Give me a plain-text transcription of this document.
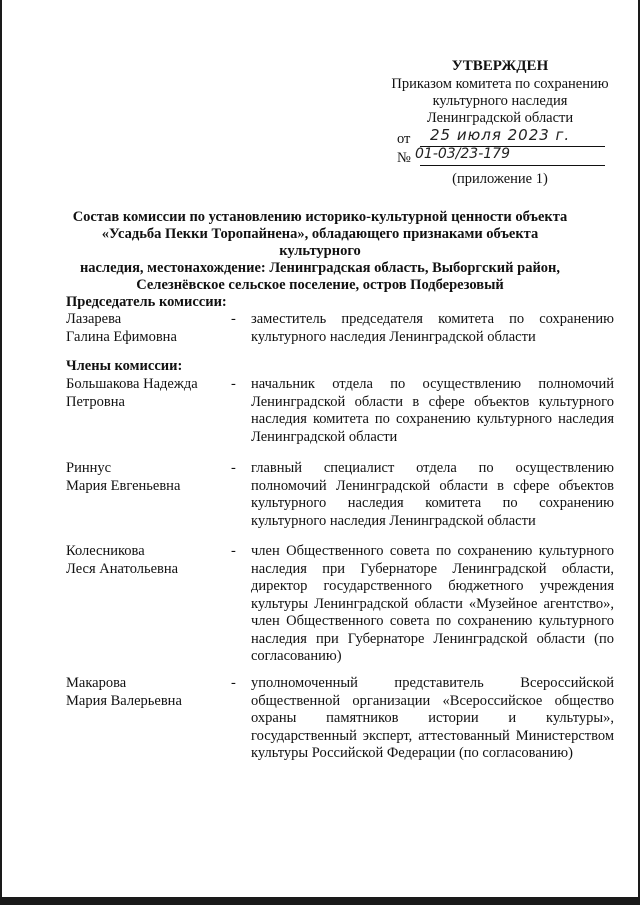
УТВЕРЖДЕН
Приказом комитета по сохранению
культурного наследия
Ленинградской области
от 25 июля 2023 г.
№ 01-03/23-179
(приложение 1)
Состав комиссии по установлению историко-культурной ценности объекта
«Усадьба Пекки Торопайнена», обладающего признаками объекта культурного
наследия, местонахождение: Ленинградская область, Выборгский район,
Селезнёвское сельское поселение, остров Подберезовый
Председатель комиссии:
Лазарева
Галина Ефимовна
- заместитель председателя комитета по сохранению культурного наследия Ленинградской области
Члены комиссии:
Большакова Надежда
Петровна
- начальник отдела по осуществлению полномочий Ленинградской области в сфере объектов культурного наследия комитета по сохранению культурного наследия Ленинградской области
Риннус
Мария Евгеньевна
- главный специалист отдела по осуществлению полномочий Ленинградской области в сфере объектов культурного наследия комитета по сохранению культурного наследия Ленинградской области
Колесникова
Леся Анатольевна
- член Общественного совета по сохранению культурного наследия при Губернаторе Ленинградской области, директор государственного бюджетного учреждения культуры Ленинградской области «Музейное агентство», член Общественного совета по сохранению культурного наследия при Губернаторе Ленинградской области (по согласованию)
Макарова
Мария Валерьевна
- уполномоченный представитель Всероссийской общественной организации «Всероссийское общество охраны памятников истории и культуры», государственный эксперт, аттестованный Министерством культуры Российской Федерации (по согласованию)
